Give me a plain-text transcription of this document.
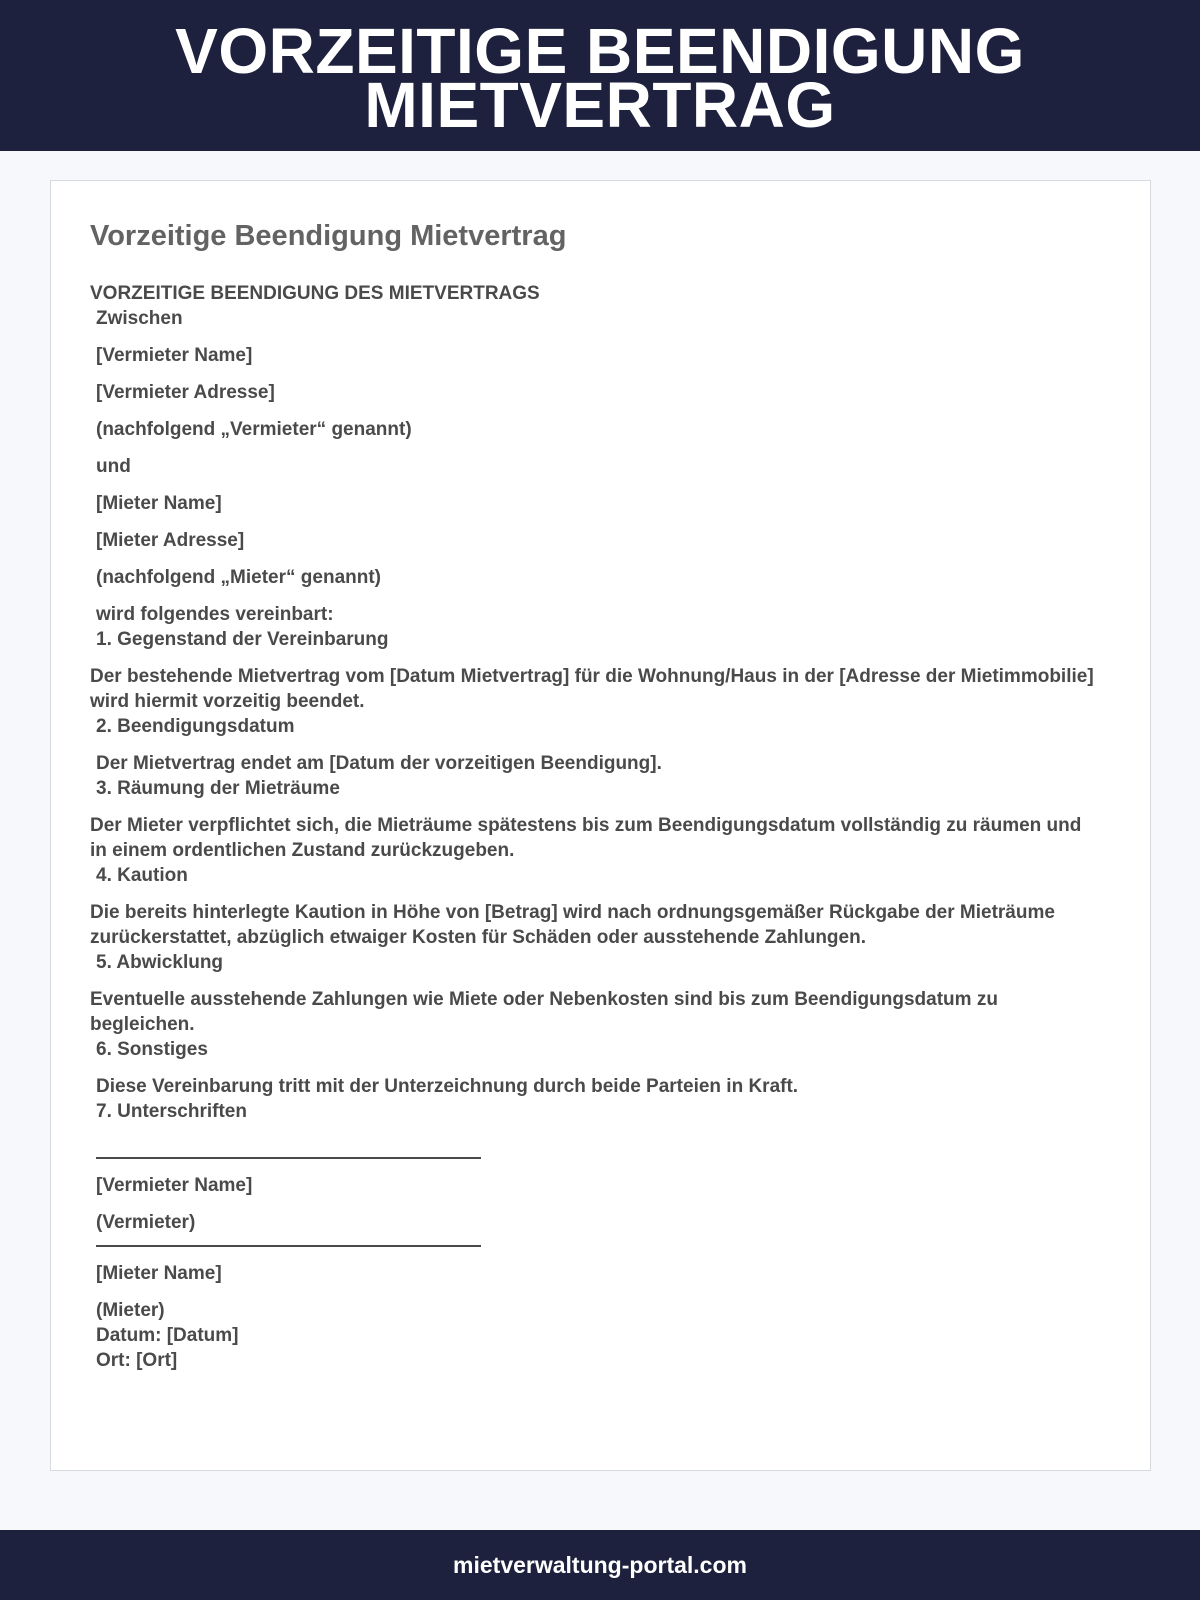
VORZEITIGE BEENDIGUNG MIETVERTRAG
Vorzeitige Beendigung Mietvertrag
VORZEITIGE BEENDIGUNG DES MIETVERTRAGS
Zwischen
[Vermieter Name]
[Vermieter Adresse]
(nachfolgend „Vermieter“ genannt)
und
[Mieter Name]
[Mieter Adresse]
(nachfolgend „Mieter“ genannt)
wird folgendes vereinbart:
1. Gegenstand der Vereinbarung
Der bestehende Mietvertrag vom [Datum Mietvertrag] für die Wohnung/Haus in der [Adresse der Mietimmobilie] wird hiermit vorzeitig beendet.
2. Beendigungsdatum
Der Mietvertrag endet am [Datum der vorzeitigen Beendigung].
3. Räumung der Mieträume
Der Mieter verpflichtet sich, die Mieträume spätestens bis zum Beendigungsdatum vollständig zu räumen und in einem ordentlichen Zustand zurückzugeben.
4. Kaution
Die bereits hinterlegte Kaution in Höhe von [Betrag] wird nach ordnungsgemäßer Rückgabe der Mieträume zurückerstattet, abzüglich etwaiger Kosten für Schäden oder ausstehende Zahlungen.
5. Abwicklung
Eventuelle ausstehende Zahlungen wie Miete oder Nebenkosten sind bis zum Beendigungsdatum zu begleichen.
6. Sonstiges
Diese Vereinbarung tritt mit der Unterzeichnung durch beide Parteien in Kraft.
7. Unterschriften
[Vermieter Name]
(Vermieter)
[Mieter Name]
(Mieter)
Datum: [Datum]
Ort: [Ort]
mietverwaltung-portal.com
